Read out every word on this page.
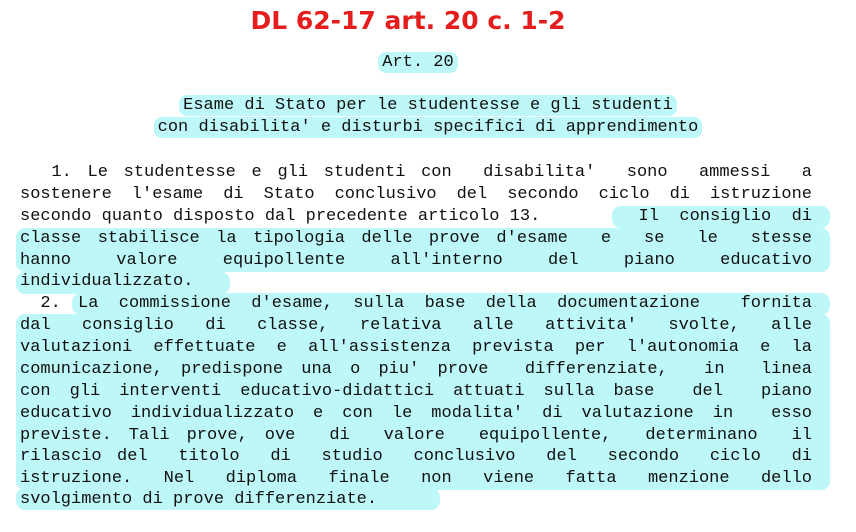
DL 62-17 art. 20 c. 1-2
Art. 20
Esame di Stato per le studentesse e gli studenti
con disabilita' e disturbi specifici di apprendimento
1. Le studentesse e gli studenti con  disabilita'  sono  ammessi  a
sostenere l'esame di Stato conclusivo del secondo ciclo di istruzione
secondo quanto disposto dal precedente articolo 13.	Il  consiglio  di
classe stabilisce la tipologia delle prove d'esame  e  se  le  stesse
hanno  valore  equipollente  all'interno  del  piano  educativo
individualizzato.
2. La commissione d'esame, sulla base della documentazione  fornita
dal  consiglio  di  classe,  relativa  alle  attivita'  svolte,  alle
valutazioni effettuate e all'assistenza prevista per l'autonomia e la
comunicazione, predispone una o piu' prove  differenziate,  in  linea
con gli interventi educativo-didattici attuati sulla base  del  piano
educativo individualizzato e con le modalita' di valutazione in  esso
previste. Tali prove, ove  di  valore  equipollente,  determinano  il
rilascio del  titolo  di  studio  conclusivo  del  secondo  ciclo  di
istruzione.  Nel  diploma  finale  non  viene  fatta  menzione  dello
svolgimento di prove differenziate.
